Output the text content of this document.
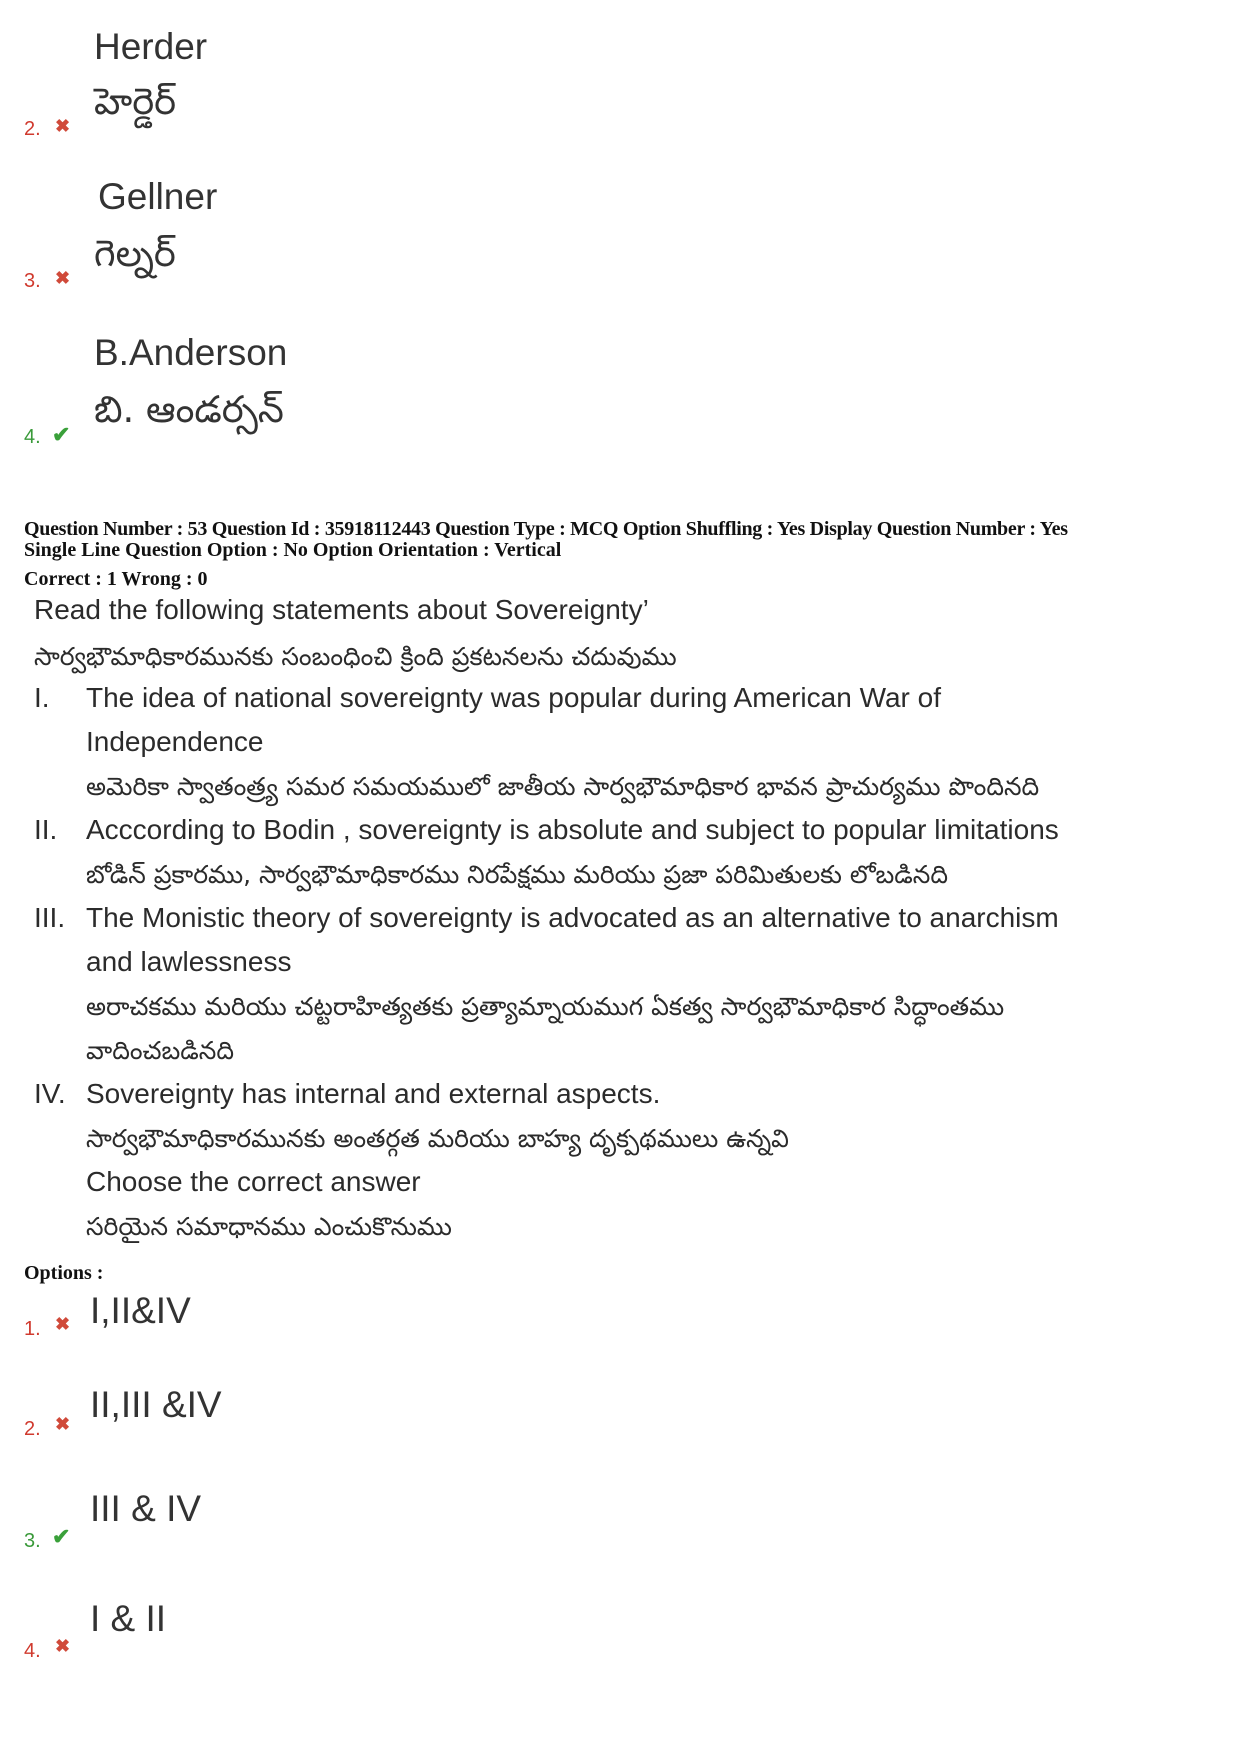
Herder
హెర్డెర్
2. ✖
Gellner
గెల్నర్
3. ✖
B.Anderson
బి. ఆండర్సన్
4. ✔
Question Number : 53 Question Id : 35918112443 Question Type : MCQ Option Shuffling : Yes Display Question Number : Yes
Single Line Question Option : No Option Orientation : Vertical
Correct : 1 Wrong : 0
Read the following statements about Sovereignty’
సార్వభౌమాధికారమునకు సంబంధించి క్రింది ప్రకటనలను చదువుము
I. The idea of national sovereignty was popular during American War of
Independence
అమెరికా స్వాతంత్ర్య సమర సమయములో జాతీయ సార్వభౌమాధికార భావన ప్రాచుర్యము పొందినది
II. Acccording to Bodin , sovereignty is absolute and subject to popular limitations
బోడిన్ ప్రకారము, సార్వభౌమాధికారము నిరపేక్షము మరియు ప్రజా పరిమితులకు లోబడినది
III. The Monistic theory of sovereignty is advocated as an alternative to anarchism
and lawlessness
అరాచకము మరియు చట్టరాహిత్యతకు ప్రత్యామ్నాయముగ ఏకత్వ సార్వభౌమాధికార సిద్ధాంతము
వాదించబడినది
IV. Sovereignty has internal and external aspects.
సార్వభౌమాధికారమునకు అంతర్గత మరియు బాహ్య దృక్పథములు ఉన్నవి
Choose the correct answer
సరియైన సమాధానము ఎంచుకొనుము
Options :
I,II&IV
1. ✖
II,III &IV
2. ✖
III & IV
3. ✔
I & II
4. ✖
